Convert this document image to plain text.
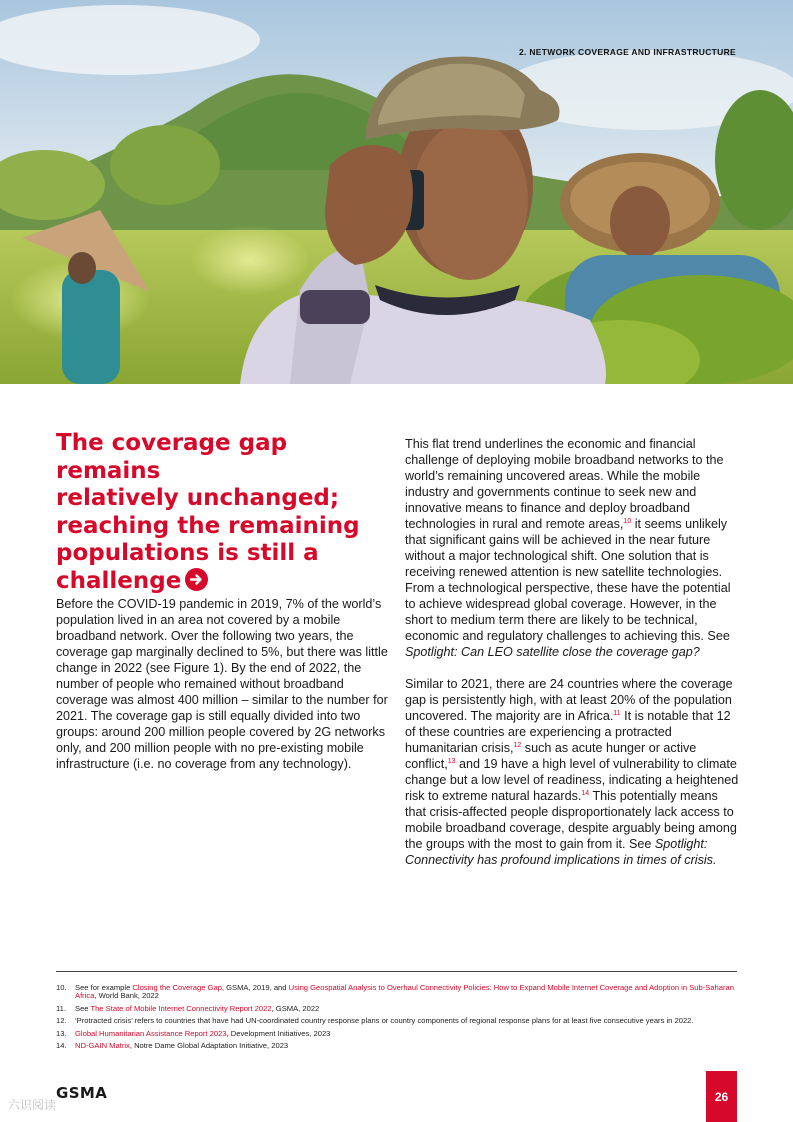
2. NETWORK COVERAGE AND INFRASTRUCTURE
The coverage gap remains
relatively unchanged;
reaching the remaining
populations is still a
challenge

Before the COVID-19 pandemic in 2019, 7% of the world’s population lived in an area not covered by a mobile broadband network. Over the following two years, the coverage gap marginally declined to 5%, but there was little change in 2022 (see Figure 1). By the end of 2022, the number of people who remained without broadband coverage was almost 400 million – similar to the number for 2021. The coverage gap is still equally divided into two groups: around 200 million people covered by 2G networks only, and 200 million people with no pre-existing mobile infrastructure (i.e. no coverage from any technology).

This flat trend underlines the economic and financial challenge of deploying mobile broadband networks to the world’s remaining uncovered areas. While the mobile industry and governments continue to seek new and innovative means to finance and deploy broadband technologies in rural and remote areas,$^{10}$ it seems unlikely that significant gains will be achieved in the near future without a major technological shift. One solution that is receiving renewed attention is new satellite technologies. From a technological perspective, these have the potential to achieve widespread global coverage. However, in the short to medium term there are likely to be technical, economic and regulatory challenges to achieving this. See Spotlight: Can LEO satellite close the coverage gap?

Similar to 2021, there are 24 countries where the coverage gap is persistently high, with at least 20% of the population uncovered. The majority are in Africa.$^{11}$ It is notable that 12 of these countries are experiencing a protracted humanitarian crisis,$^{12}$ such as acute hunger or active conflict,$^{13}$ and 19 have a high level of vulnerability to climate change but a low level of readiness, indicating a heightened risk to extreme natural hazards.$^{14}$ This potentially means that crisis-affected people disproportionately lack access to mobile broadband coverage, despite arguably being among the groups with the most to gain from it. See Spotlight: Connectivity has profound implications in times of crisis.

10.	See for example Closing the Coverage Gap, GSMA, 2019, and Using Geospatial Analysis to Overhaul Connectivity Policies: How to Expand Mobile Internet Coverage and Adoption in Sub-Saharan Africa, World Bank, 2022
11.	See The State of Mobile Internet Connectivity Report 2022, GSMA, 2022
12.	‘Protracted crisis’ refers to countries that have had UN-coordinated country response plans or country components of regional response plans for at least five consecutive years in 2022.
13.	Global Humanitarian Assistance Report 2023, Development Initiatives, 2023
14.	ND-GAIN Matrix, Notre Dame Global Adaptation Initiative, 2023
六识阅读
GSMA	26
